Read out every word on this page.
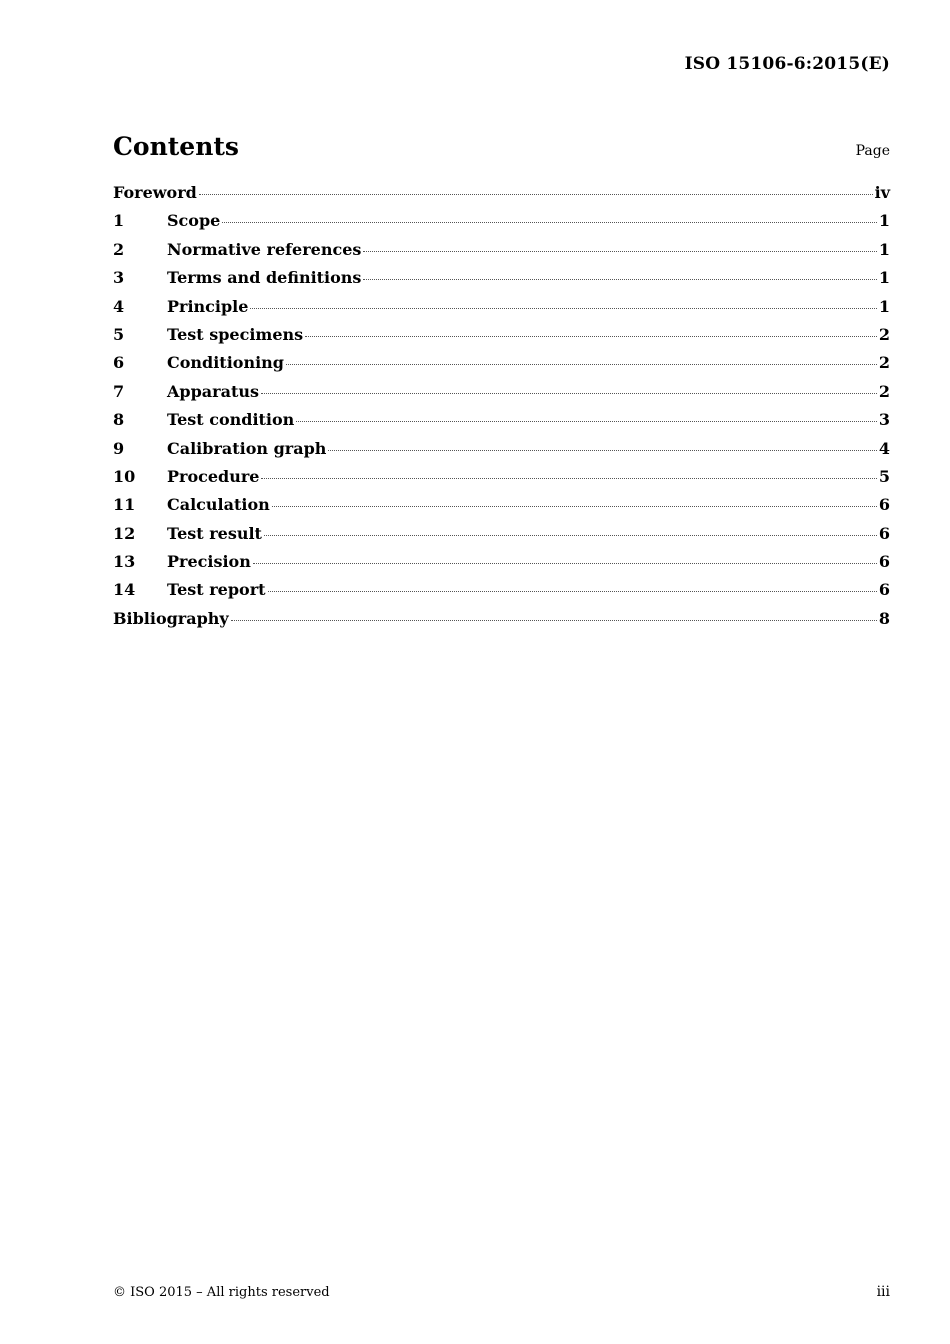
ISO 15106-6:2015(E)
Contents	Page
Foreword	iv
1	Scope	1
2	Normative references	1
3	Terms and definitions	1
4	Principle	1
5	Test specimens	2
6	Conditioning	2
7	Apparatus	2
8	Test condition	3
9	Calibration graph	4
10	Procedure	5
11	Calculation	6
12	Test result	6
13	Precision	6
14	Test report	6
Bibliography	8
© ISO 2015 – All rights reserved	iii
